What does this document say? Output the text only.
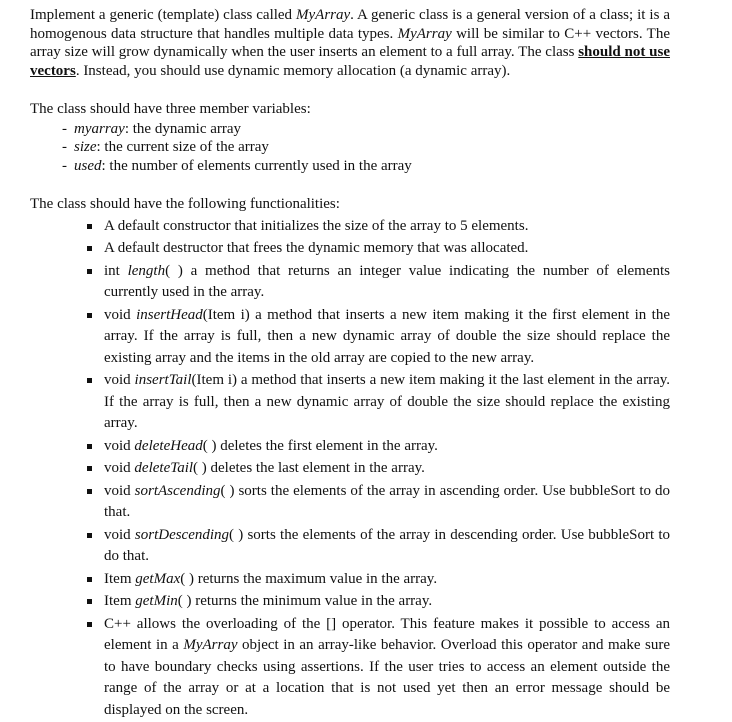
Implement a generic (template) class called MyArray. A generic class is a general version of a class; it is a homogenous data structure that handles multiple data types. MyArray will be similar to C++ vectors. The array size will grow dynamically when the user inserts an element to a full array. The class should not use vectors. Instead, you should use dynamic memory allocation (a dynamic array).

The class should have three member variables:

- myarray: the dynamic array
- size: the current size of the array
- used: the number of elements currently used in the array

The class should have the following functionalities:

A default constructor that initializes the size of the array to 5 elements.
A default destructor that frees the dynamic memory that was allocated.
int length( ) a method that returns an integer value indicating the number of elements currently used in the array.
void insertHead(Item i) a method that inserts a new item making it the first element in the array. If the array is full, then a new dynamic array of double the size should replace the existing array and the items in the old array are copied to the new array.
void insertTail(Item i) a method that inserts a new item making it the last element in the array. If the array is full, then a new dynamic array of double the size should replace the existing array.
void deleteHead( ) deletes the first element in the array.
void deleteTail( ) deletes the last element in the array.
void sortAscending( ) sorts the elements of the array in ascending order. Use bubbleSort to do that.
void sortDescending( ) sorts the elements of the array in descending order. Use bubbleSort to do that.
Item getMax( ) returns the maximum value in the array.
Item getMin( ) returns the minimum value in the array.
C++ allows the overloading of the [] operator. This feature makes it possible to access an element in a MyArray object in an array-like behavior. Overload this operator and make sure to have boundary checks using assertions. If the user tries to access an element outside the range of the array or at a location that is not used yet then an error message should be displayed on the screen.
